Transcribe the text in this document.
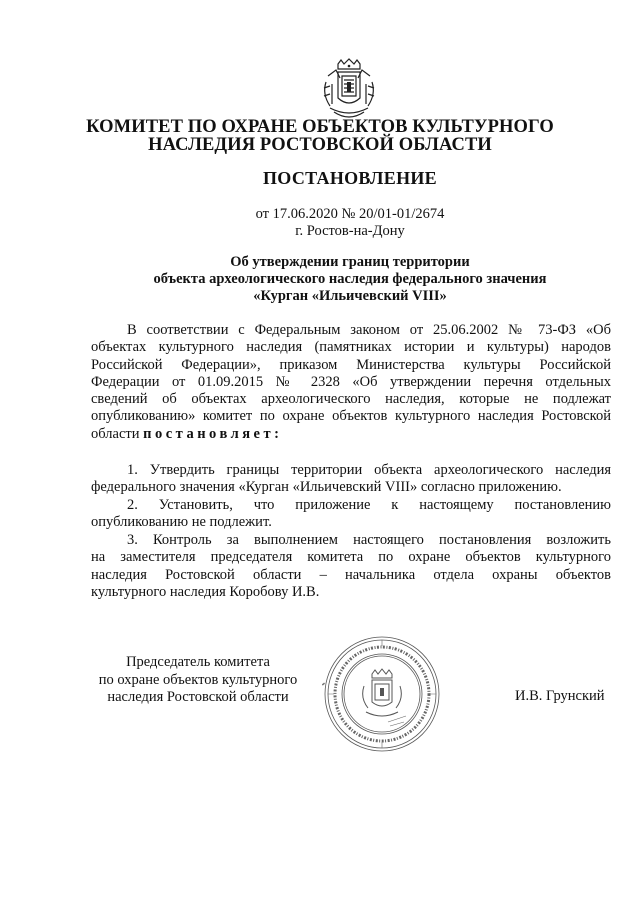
КОМИТЕТ ПО ОХРАНЕ ОБЪЕКТОВ КУЛЬТУРНОГО
НАСЛЕДИЯ РОСТОВСКОЙ ОБЛАСТИ
ПОСТАНОВЛЕНИЕ
от 17.06.2020 № 20/01-01/2674
г. Ростов-на-Дону
Об утверждении границ территории
объекта археологического наследия федерального значения
«Курган «Ильичевский VIII»
В соответствии с Федеральным законом от 25.06.2002 № 73-ФЗ «Об
объектах культурного наследия (памятниках истории и культуры) народов
Российской Федерации», приказом Министерства культуры Российской
Федерации от 01.09.2015 № 2328 «Об утверждении перечня отдельных
сведений об объектах археологического наследия, которые не подлежат
опубликованию» комитет по охране объектов культурного наследия Ростовской
области постановляет:
1. Утвердить границы территории объекта археологического наследия
федерального значения «Курган «Ильичевский VIII» согласно приложению.
2. Установить, что приложение к настоящему постановлению
опубликованию не подлежит.
3. Контроль за выполнением настоящего постановления возложить
на заместителя председателя комитета по охране объектов культурного
наследия Ростовской области – начальника отдела охраны объектов
культурного наследия Коробову И.В.
Председатель комитета
по охране объектов культурного
наследия Ростовской области	И.В. Грунский
